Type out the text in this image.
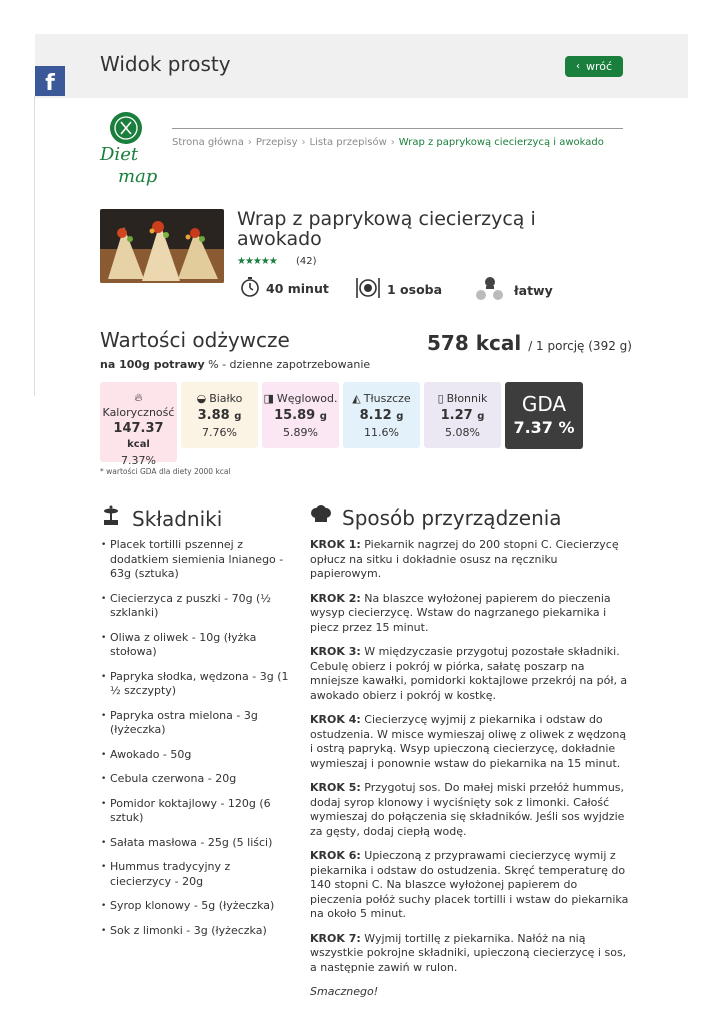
Widok prosty	‹ wróć
f
Diet
map
Strona główna › Przepisy › Lista przepisów › Wrap z paprykową ciecierzycą i awokado
Wrap z paprykową ciecierzycą i awokado
★★★★★ (42)
40 minut	1 osoba	łatwy
Wartości odżywcze	578 kcal / 1 porcję (392 g)
na 100g potrawy % - dzienne zapotrzebowanie
🔥︎
Kaloryczność
147.37 kcal
7.37%
◒ Białko
3.88 g
7.76%
◨ Węglowod.
15.89 g
5.89%
◭ Tłuszcze
8.12 g
11.6%
▯ Błonnik
1.27 g
5.08%
GDA
7.37 %
* wartości GDA dla diety 2000 kcal
Składniki
• Placek tortilli pszennej z dodatkiem siemienia lnianego - 63g (sztuka)
• Ciecierzyca z puszki - 70g (½ szklanki)
• Oliwa z oliwek - 10g (łyżka stołowa)
• Papryka słodka, wędzona - 3g (1 ½ szczypty)
• Papryka ostra mielona - 3g (łyżeczka)
• Awokado - 50g
• Cebula czerwona - 20g
• Pomidor koktajlowy - 120g (6 sztuk)
• Sałata masłowa - 25g (5 liści)
• Hummus tradycyjny z ciecierzycy - 20g
• Syrop klonowy - 5g (łyżeczka)
• Sok z limonki - 3g (łyżeczka)
Sposób przyrządzenia

KROK 1: Piekarnik nagrzej do 200 stopni C. Ciecierzycę opłucz na sitku i dokładnie osusz na ręczniku papierowym.

KROK 2: Na blaszce wyłożonej papierem do pieczenia wysyp ciecierzycę. Wstaw do nagrzanego piekarnika i piecz przez 15 minut.

KROK 3: W międzyczasie przygotuj pozostałe składniki. Cebulę obierz i pokrój w piórka, sałatę poszarp na mniejsze kawałki, pomidorki koktajlowe przekrój na pół, a awokado obierz i pokrój w kostkę.

KROK 4: Ciecierzycę wyjmij z piekarnika i odstaw do ostudzenia. W misce wymieszaj oliwę z oliwek z wędzoną i ostrą papryką. Wsyp upieczoną ciecierzycę, dokładnie wymieszaj i ponownie wstaw do piekarnika na 15 minut.

KROK 5: Przygotuj sos. Do małej miski przełóż hummus, dodaj syrop klonowy i wyciśnięty sok z limonki. Całość wymieszaj do połączenia się składników. Jeśli sos wyjdzie za gęsty, dodaj ciepłą wodę.

KROK 6: Upieczoną z przyprawami ciecierzycę wymij z piekarnika i odstaw do ostudzenia. Skręć temperaturę do 140 stopni C. Na blaszce wyłożonej papierem do pieczenia połóż suchy placek tortilli i wstaw do piekarnika na około 5 minut.

KROK 7: Wyjmij tortillę z piekarnika. Nałóż na nią wszystkie pokrojne składniki, upieczoną ciecierzycę i sos, a następnie zawiń w rulon.

Smacznego!
